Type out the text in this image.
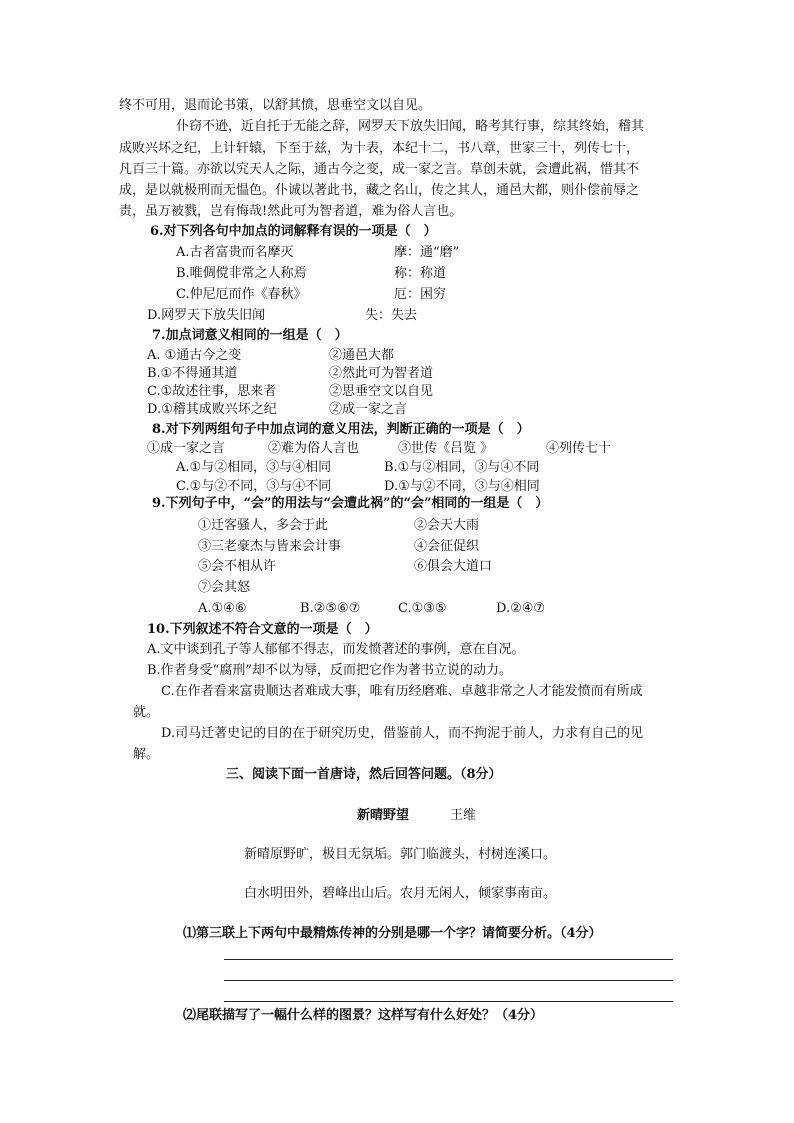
终不可用，退而论书策，以舒其愤，思垂空文以自见。
仆窃不逊，近自托于无能之辞，网罗天下放失旧闻，略考其行事，综其终始，稽其
成败兴坏之纪，上计轩辕，下至于兹，为十表，本纪十二，书八章，世家三十，列传七十，
凡百三十篇。亦欲以究天人之际，通古今之变，成一家之言。草创未就，会遭此祸，惜其不
成，是以就极刑而无愠色。仆诚以著此书，藏之名山，传之其人，通邑大都，则仆偿前辱之
责，虽万被戮，岂有悔哉!然此可为智者道，难为俗人言也。
6.对下列各句中加点的词解释有误的一项是（　）
A.古者富贵而名摩灭	摩：通“磨”
B.唯倜傥非常之人称焉	称：称道
C.仲尼厄而作《春秋》	厄：困穷
D.网罗天下放失旧闻	失：失去
7.加点词意义相同的一组是（　）
A. ①通古今之变	②通邑大都
B.①不得通其道	②然此可为智者道
C.①故述往事，思来者	②思垂空文以自见
D.①稽其成败兴坏之纪	②成一家之言
8.对下列两组句子中加点词的意义用法，判断正确的一项是（　）
①成一家之言	②难为俗人言也	③世传《吕览 》	④列传七十
A.①与②相同，③与④相同	B.①与②相同，③与④不同
C.①与②不同，③与④不同	D.①与②不同，③与④相同
9.下列句子中，“会”的用法与“会遭此祸”的“会”相同的一组是（　）
①迁客骚人，多会于此	②会天大雨
③三老豪杰与皆来会计事	④会征促织
⑤会不相从许	⑥俱会大道口
⑦会其怒
A.①④⑥	B.②⑤⑥⑦	C.①③⑤	D.②④⑦
10.下列叙述不符合文意的一项是（　）
A.文中谈到孔子等人郁郁不得志，而发愤著述的事例，意在自况。
B.作者身受“腐刑”却不以为辱，反而把它作为著书立说的动力。
C.在作者看来富贵顺达者难成大事，唯有历经磨难、卓越非常之人才能发愤而有所成
就。
D.司马迁著史记的目的在于研究历史，借鉴前人，而不拘泥于前人，力求有自己的见
解。
三、阅读下面一首唐诗，然后回答问题。（8分）
新晴野望	王维
新晴原野旷，极目无氛垢。郭门临渡头，村树连溪口。
白水明田外，碧峰出山后。农月无闲人，倾家事南亩。
⑴第三联上下两句中最精炼传神的分别是哪一个字？请简要分析。（4分）
⑵尾联描写了一幅什么样的图景？这样写有什么好处？（4分）
